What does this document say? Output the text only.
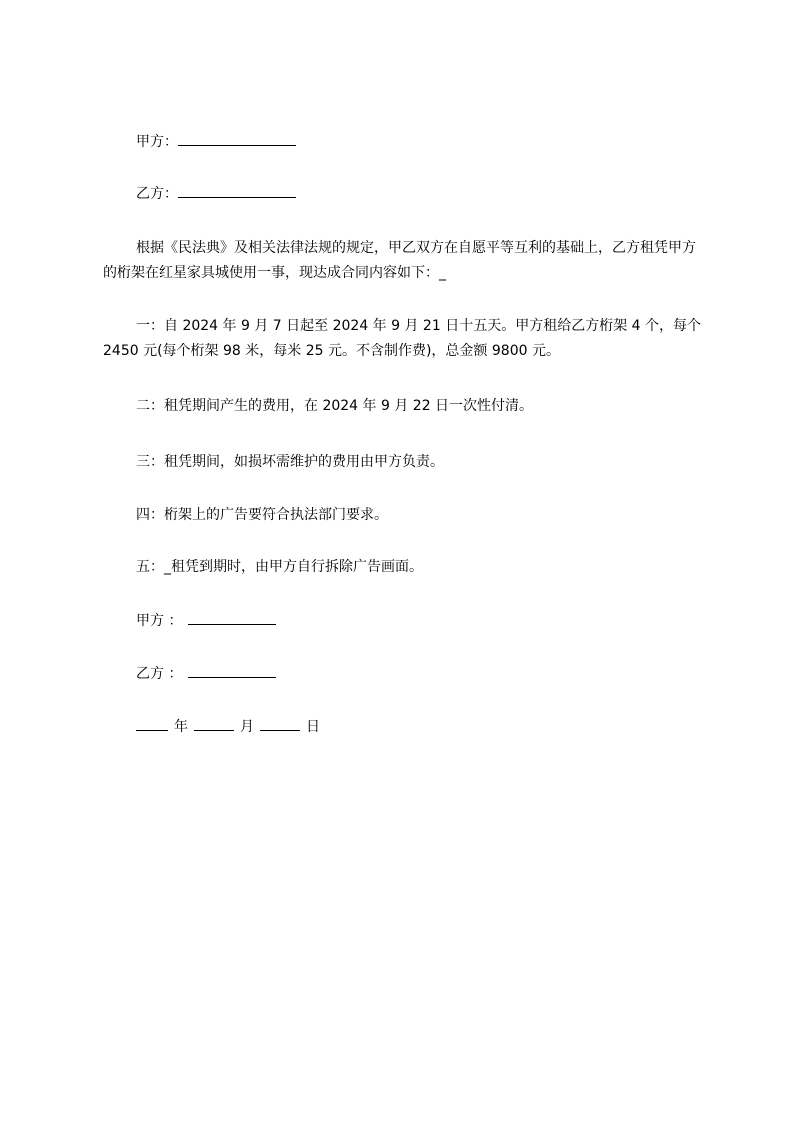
甲方：
乙方：
根据《民法典》及相关法律法规的规定，甲乙双方在自愿平等互利的基础上，乙方租凭甲方的桁架在红星家具城使用一事，现达成合同内容如下：_
一：自 2024 年 9 月 7 日起至 2024 年 9 月 21 日十五天。甲方租给乙方桁架 4 个，每个 2450 元(每个桁架 98 米，每米 25 元。不含制作费)，总金额 9800 元。
二：租凭期间产生的费用，在 2024 年 9 月 22 日一次性付清。
三：租凭期间，如损坏需维护的费用由甲方负责。
四：桁架上的广告要符合执法部门要求。
五：_租凭到期时，由甲方自行拆除广告画面。
甲方 ：
乙方 ：
年	月	日
